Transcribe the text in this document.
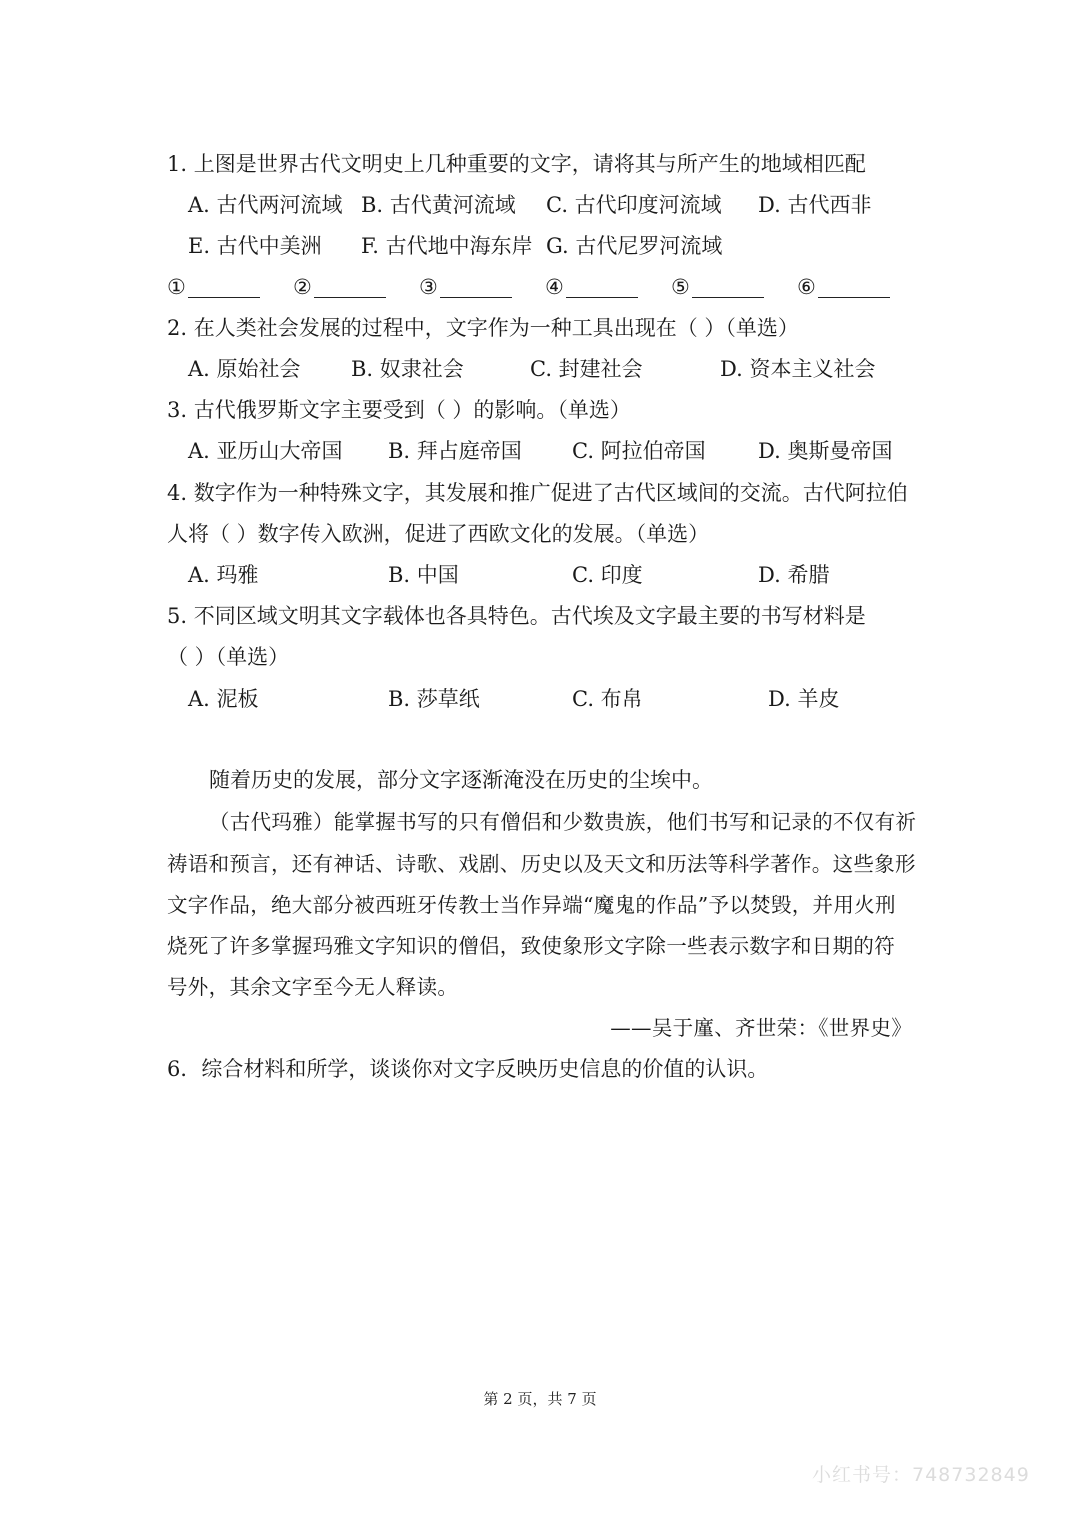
1. 上图是世界古代文明史上几种重要的文字，请将其与所产生的地域相匹配
A. 古代两河流域 B. 古代黄河流域 C. 古代印度河流域 D. 古代西非
E. 古代中美洲 F. 古代地中海东岸 G. 古代尼罗河流域
①	②	③	④	⑤	⑥
2. 在人类社会发展的过程中，文字作为一种工具出现在（ ）（单选）
A. 原始社会 B. 奴隶社会	C. 封建社会	D. 资本主义社会
3. 古代俄罗斯文字主要受到（ ）的影响。（单选）
A. 亚历山大帝国 B. 拜占庭帝国 C. 阿拉伯帝国 D. 奥斯曼帝国
4. 数字作为一种特殊文字，其发展和推广促进了古代区域间的交流。古代阿拉伯
人将（ ）数字传入欧洲，促进了西欧文化的发展。（单选）
A. 玛雅	B. 中国	C. 印度	D. 希腊
5. 不同区域文明其文字载体也各具特色。古代埃及文字最主要的书写材料是
（ ）（单选）
A. 泥板	B. 莎草纸	C. 布帛	D. 羊皮
随着历史的发展，部分文字逐渐淹没在历史的尘埃中。
（古代玛雅）能掌握书写的只有僧侣和少数贵族，他们书写和记录的不仅有祈
祷语和预言，还有神话、诗歌、戏剧、历史以及天文和历法等科学著作。这些象形
文字作品，绝大部分被西班牙传教士当作异端“魔鬼的作品”予以焚毁，并用火刑
烧死了许多掌握玛雅文字知识的僧侣，致使象形文字除一些表示数字和日期的符
号外，其余文字至今无人释读。
——吴于廑、齐世荣：《世界史》
6．综合材料和所学，谈谈你对文字反映历史信息的价值的认识。
第 2 页，共 7 页
小红书号：748732849
